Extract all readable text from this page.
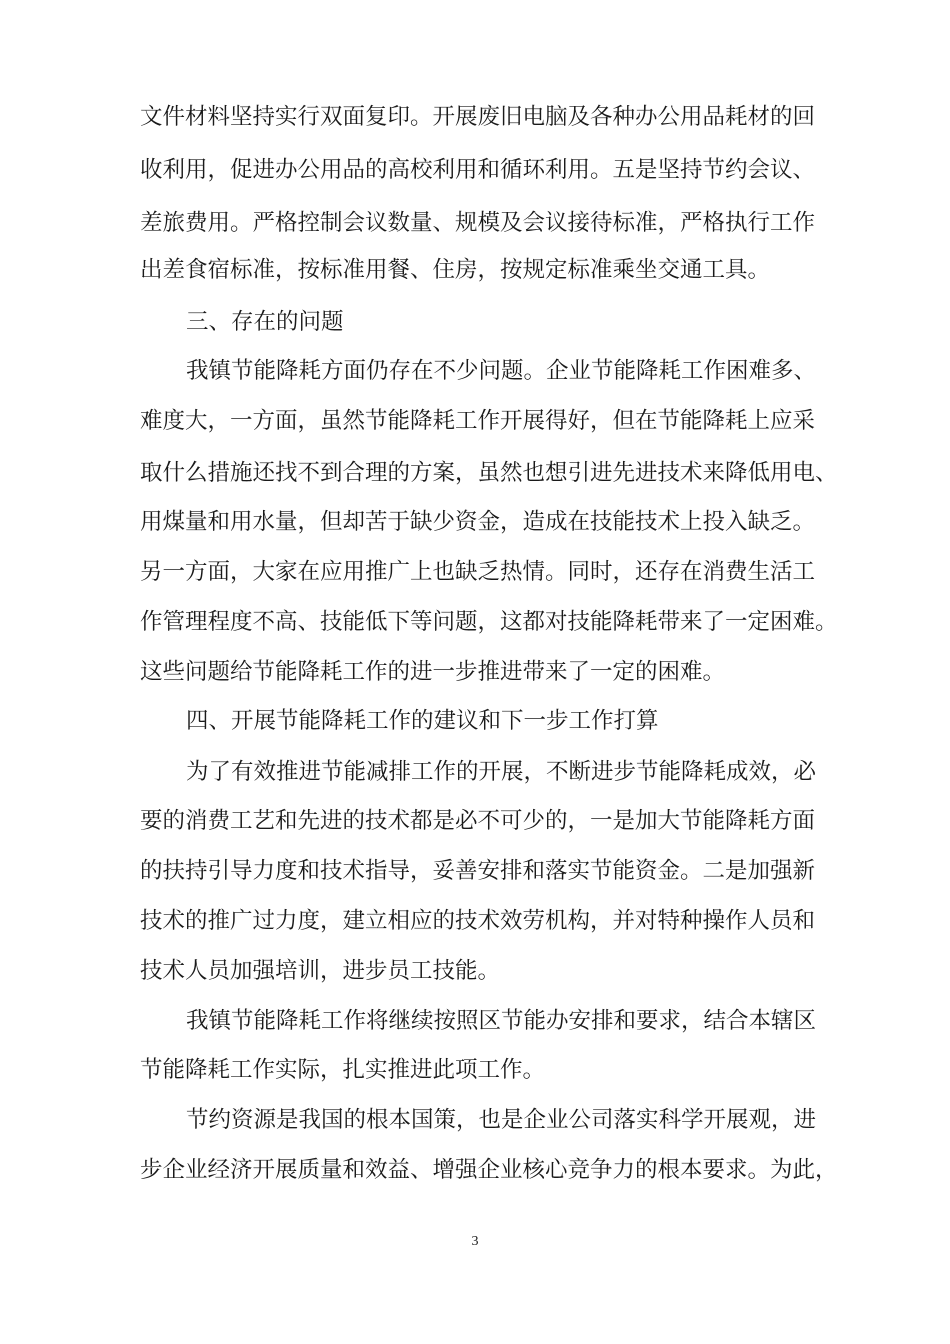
文件材料坚持实行双面复印。开展废旧电脑及各种办公用品耗材的回
收利用，促进办公用品的高校利用和循环利用。五是坚持节约会议、
差旅费用。严格控制会议数量、规模及会议接待标准，严格执行工作
出差食宿标准，按标准用餐、住房，按规定标准乘坐交通工具。
三、存在的问题
我镇节能降耗方面仍存在不少问题。企业节能降耗工作困难多、
难度大，一方面，虽然节能降耗工作开展得好，但在节能降耗上应采
取什么措施还找不到合理的方案，虽然也想引进先进技术来降低用电、
用煤量和用水量，但却苦于缺少资金，造成在技能技术上投入缺乏。
另一方面，大家在应用推广上也缺乏热情。同时，还存在消费生活工
作管理程度不高、技能低下等问题，这都对技能降耗带来了一定困难。
这些问题给节能降耗工作的进一步推进带来了一定的困难。
四、开展节能降耗工作的建议和下一步工作打算
为了有效推进节能减排工作的开展，不断进步节能降耗成效，必
要的消费工艺和先进的技术都是必不可少的，一是加大节能降耗方面
的扶持引导力度和技术指导，妥善安排和落实节能资金。二是加强新
技术的推广过力度，建立相应的技术效劳机构，并对特种操作人员和
技术人员加强培训，进步员工技能。
我镇节能降耗工作将继续按照区节能办安排和要求，结合本辖区
节能降耗工作实际，扎实推进此项工作。
节约资源是我国的根本国策，也是企业公司落实科学开展观，进
步企业经济开展质量和效益、增强企业核心竞争力的根本要求。为此，
3
